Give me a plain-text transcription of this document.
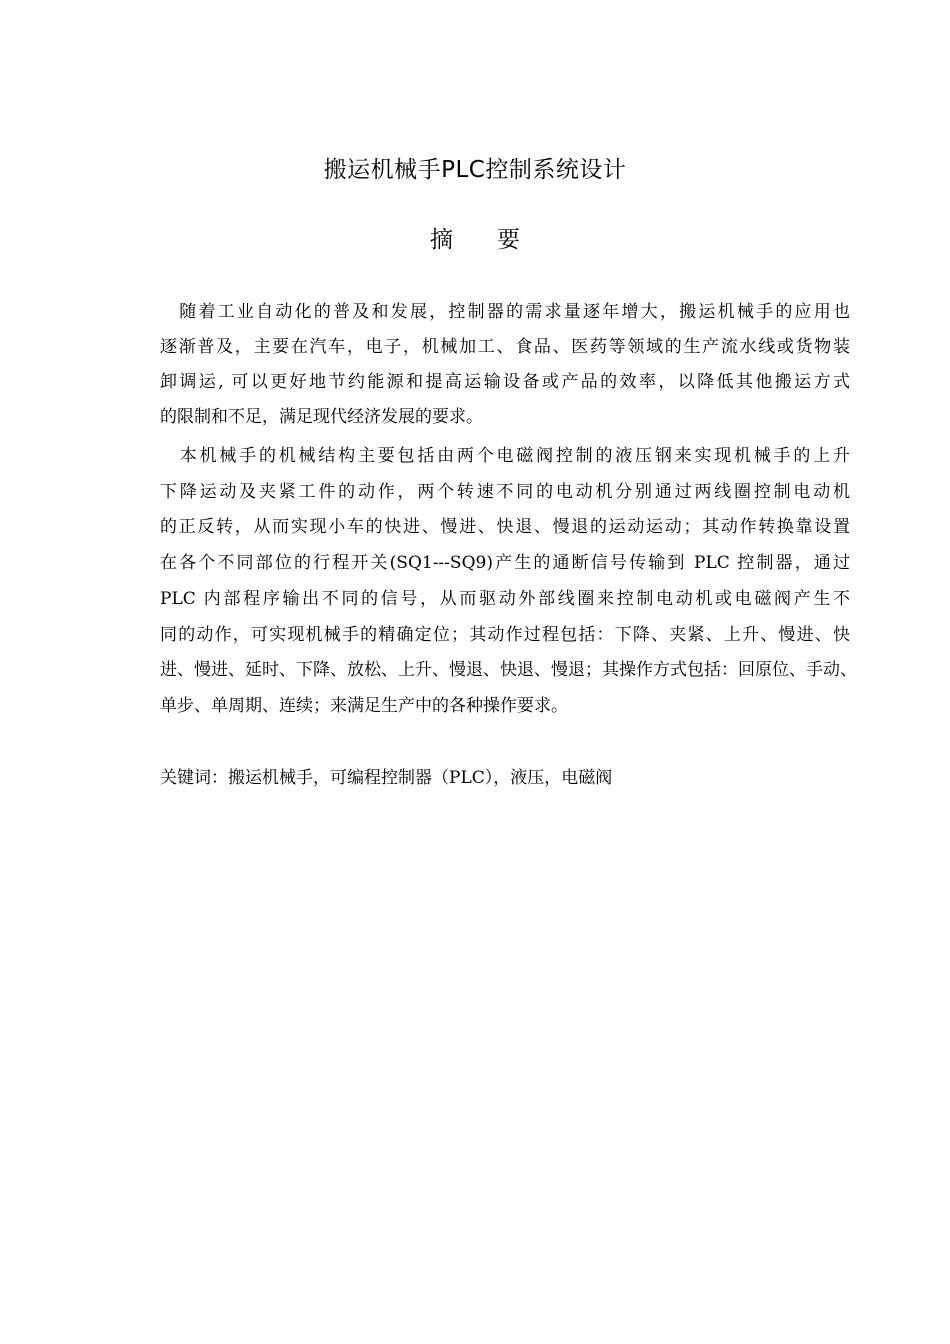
搬运机械手PLC控制系统设计
摘 要
　随着工业自动化的普及和发展，控制器的需求量逐年增大，搬运机械手的应用也
逐渐普及，主要在汽车，电子，机械加工、食品、医药等领域的生产流水线或货物装
卸调运, 可以更好地节约能源和提高运输设备或产品的效率，以降低其他搬运方式
的限制和不足，满足现代经济发展的要求。
　本机械手的机械结构主要包括由两个电磁阀控制的液压钢来实现机械手的上升
下降运动及夹紧工件的动作，两个转速不同的电动机分别通过两线圈控制电动机
的正反转，从而实现小车的快进、慢进、快退、慢退的运动运动；其动作转换靠设置
在各个不同部位的行程开关(SQ1---SQ9)产生的通断信号传输到 PLC 控制器，通过
PLC 内部程序输出不同的信号，从而驱动外部线圈来控制电动机或电磁阀产生不
同的动作，可实现机械手的精确定位；其动作过程包括：下降、夹紧、上升、慢进、快
进、慢进、延时、下降、放松、上升、慢退、快退、慢退；其操作方式包括：回原位、手动、
单步、单周期、连续；来满足生产中的各种操作要求。
关键词：搬运机械手，可编程控制器（PLC），液压，电磁阀
